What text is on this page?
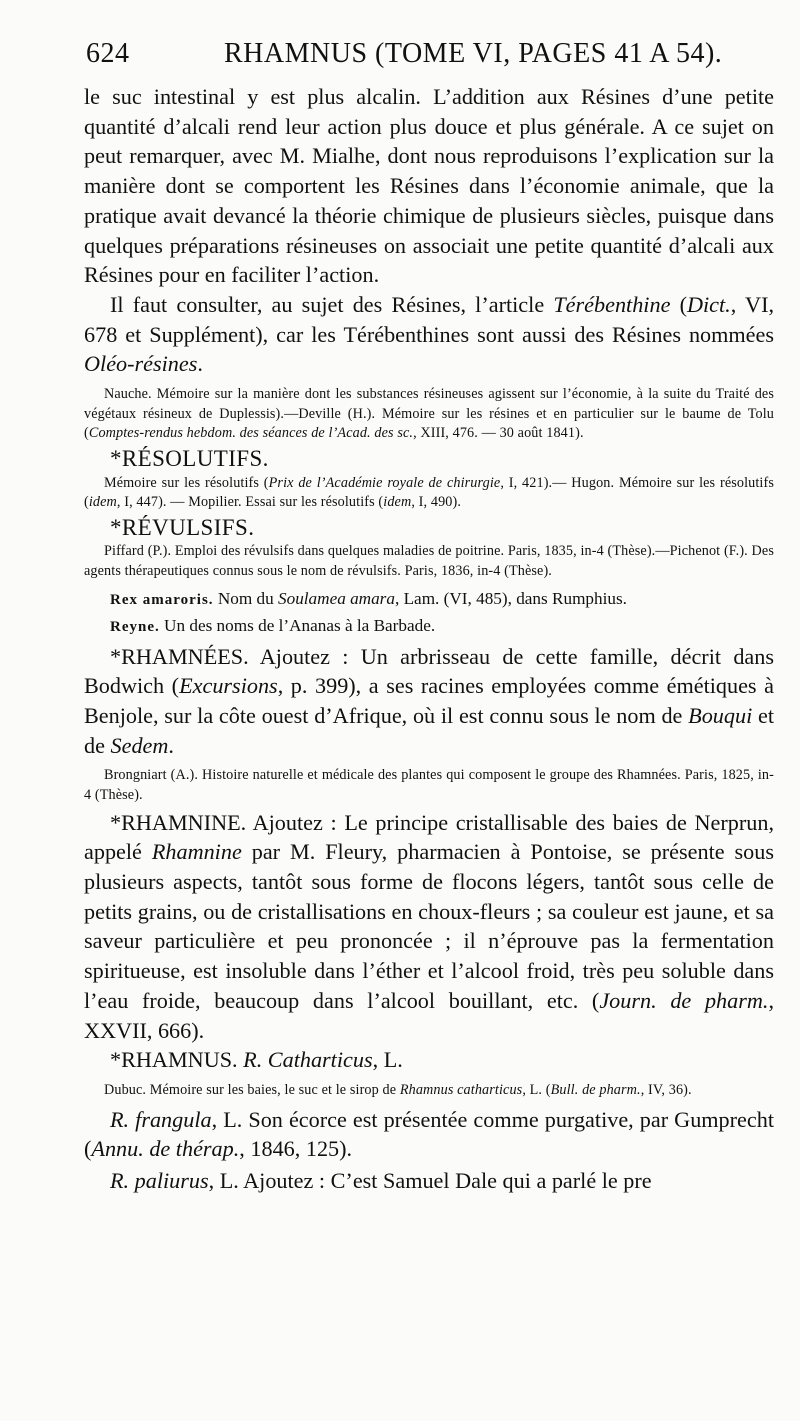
624	RHAMNUS (TOME VI, PAGES 41 A 54).

le suc intestinal y est plus alcalin. L’addition aux Résines d’une petite quantité d’alcali rend leur action plus douce et plus générale. A ce sujet on peut remarquer, avec M. Mialhe, dont nous reproduisons l’explication sur la manière dont se comportent les Résines dans l’économie animale, que la pratique avait devancé la théorie chimique de plusieurs siècles, puisque dans quelques préparations résineuses on associait une petite quantité d’alcali aux Résines pour en faciliter l’action.

Il faut consulter, au sujet des Résines, l’article Térébenthine (Dict., VI, 678 et Supplément), car les Térébenthines sont aussi des Résines nommées Oléo-résines.

Nauche. Mémoire sur la manière dont les substances résineuses agissent sur l’économie, à la suite du Traité des végétaux résineux de Duplessis).—Deville (H.). Mémoire sur les résines et en particulier sur le baume de Tolu (Comptes-rendus hebdom. des séances de l’Acad. des sc., XIII, 476. — 30 août 1841).

*RÉSOLUTIFS.

Mémoire sur les résolutifs (Prix de l’Académie royale de chirurgie, I, 421).— Hugon. Mémoire sur les résolutifs (idem, I, 447). — Mopilier. Essai sur les résolutifs (idem, I, 490).

*RÉVULSIFS.

Piffard (P.). Emploi des révulsifs dans quelques maladies de poitrine. Paris, 1835, in-4 (Thèse).—Pichenot (F.). Des agents thérapeutiques connus sous le nom de révulsifs. Paris, 1836, in-4 (Thèse).

Rex amaroris. Nom du Soulamea amara, Lam. (VI, 485), dans Rumphius.

Reyne. Un des noms de l’Ananas à la Barbade.

*RHAMNÉES. Ajoutez : Un arbrisseau de cette famille, décrit dans Bodwich (Excursions, p. 399), a ses racines employées comme émétiques à Benjole, sur la côte ouest d’Afrique, où il est connu sous le nom de Bouqui et de Sedem.

Brongniart (A.). Histoire naturelle et médicale des plantes qui composent le groupe des Rhamnées. Paris, 1825, in-4 (Thèse).

*RHAMNINE. Ajoutez : Le principe cristallisable des baies de Nerprun, appelé Rhamnine par M. Fleury, pharmacien à Pontoise, se présente sous plusieurs aspects, tantôt sous forme de flocons légers, tantôt sous celle de petits grains, ou de cristallisations en choux-fleurs ; sa couleur est jaune, et sa saveur particulière et peu prononcée ; il n’éprouve pas la fermentation spiritueuse, est insoluble dans l’éther et l’alcool froid, très peu soluble dans l’eau froide, beaucoup dans l’alcool bouillant, etc. (Journ. de pharm., XXVII, 666).

*RHAMNUS. R. Catharticus, L.

Dubuc. Mémoire sur les baies, le suc et le sirop de Rhamnus catharticus, L. (Bull. de pharm., IV, 36).

R. frangula, L. Son écorce est présentée comme purgative, par Gumprecht (Annu. de thérap., 1846, 125).

R. paliurus, L. Ajoutez : C’est Samuel Dale qui a parlé le pre
